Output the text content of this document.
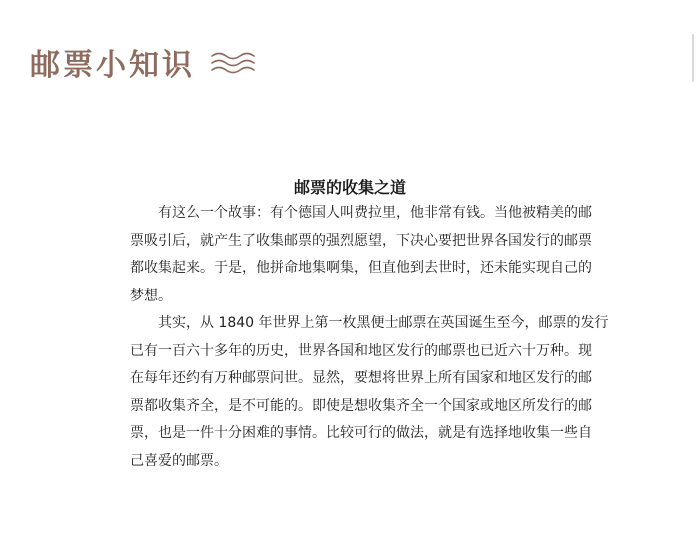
邮票小知识
邮票的收集之道

有这么一个故事：有个德国人叫费拉里，他非常有钱。当他被精美的邮
票吸引后，就产生了收集邮票的强烈愿望，下决心要把世界各国发行的邮票
都收集起来。于是，他拼命地集啊集，但直他到去世时，还未能实现自己的
梦想。

其实，从 1840 年世界上第一枚黑便士邮票在英国诞生至今，邮票的发行
已有一百六十多年的历史，世界各国和地区发行的邮票也已近六十万种。现
在每年还约有万种邮票问世。显然，要想将世界上所有国家和地区发行的邮
票都收集齐全，是不可能的。即使是想收集齐全一个国家或地区所发行的邮
票，也是一件十分困难的事情。比较可行的做法，就是有选择地收集一些自
己喜爱的邮票。
